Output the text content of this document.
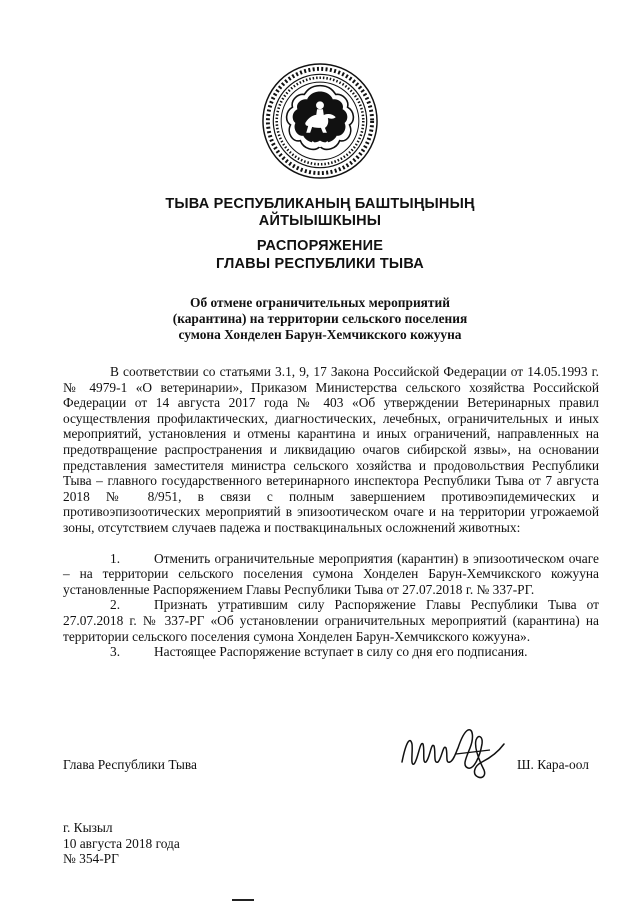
ТЫВА РЕСПУБЛИКАНЫҢ БАШТЫҢЫНЫҢ
АЙТЫЫШКЫНЫ
РАСПОРЯЖЕНИЕ
ГЛАВЫ РЕСПУБЛИКИ ТЫВА
Об отмене ограничительных мероприятий
(карантина) на территории сельского поселения
сумона Хонделен Барун-Хемчикского кожууна

В соответствии со статьями 3.1, 9, 17 Закона Российской Федерации от 14.05.1993 г. № 4979-1 «О ветеринарии», Приказом Министерства сельского хозяйства Российской Федерации от 14 августа 2017 года № 403 «Об утверждении Ветеринарных правил осуществления профилактических, диагностических, лечебных, ограничительных и иных мероприятий, установления и отмены карантина и иных ограничений, направленных на предотвращение распространения и ликвидацию очагов сибирской язвы», на основании представления заместителя министра сельского хозяйства и продовольствия Республики Тыва – главного государственного ветеринарного инспектора Республики Тыва от 7 августа 2018 № 8/951, в связи с полным завершением противоэпидемических и противоэпизоотических мероприятий в эпизоотическом очаге и на территории угрожаемой зоны, отсутствием случаев падежа и поствакцинальных осложнений животных:

1.	Отменить ограничительные мероприятия (карантин) в эпизоотическом очаге – на территории сельского поселения сумона Хонделен Барун-Хемчикского кожууна установленные Распоряжением Главы Республики Тыва от 27.07.2018 г. № 337-РГ.

2.	Признать утратившим силу Распоряжение Главы Республики Тыва от 27.07.2018 г. № 337-РГ «Об установлении ограничительных мероприятий (карантина) на территории сельского поселения сумона Хонделен Барун-Хемчикского кожууна».

3.	Настоящее Распоряжение вступает в силу со дня его подписания.

Глава Республики Тыва	Ш. Кара-оол
г. Кызыл
10 августа 2018 года
№ 354-РГ
